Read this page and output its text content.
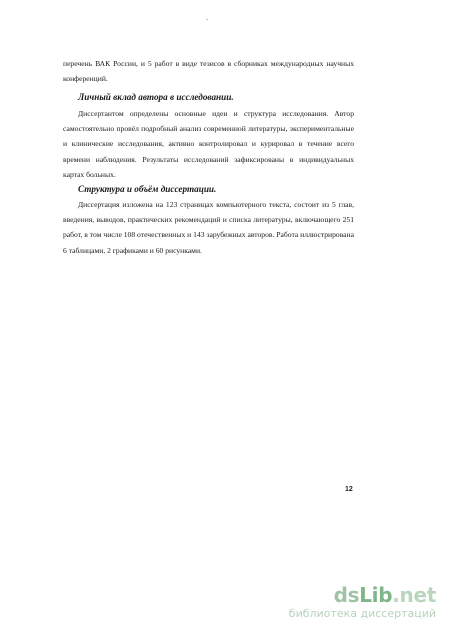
перечень ВАК России, и 5 работ в виде тезисов в сборниках международных научных конференций.

Личный вклад автора в исследовании.

Диссертантом определены основные идеи и структура исследования. Автор самостоятельно провёл подробный анализ современной литературы, экспериментальные и клинические исследования, активно контролировал и курировал в течение всего времени наблюдения. Результаты исследований зафиксированы в индивидуальных картах больных.

Структура и объём диссертации.

Диссертация изложена на 123 страницах компьютерного текста, состоит из 5 глав, введения, выводов, практических рекомендаций и списка литературы, включающего 251 работ, в том числе 108 отечественных и 143 зарубежных авторов. Работа иллюстрирована 6 таблицами, 2 графиками и 60 рисунками.

12
dsLib.net
библиотека диссертаций
